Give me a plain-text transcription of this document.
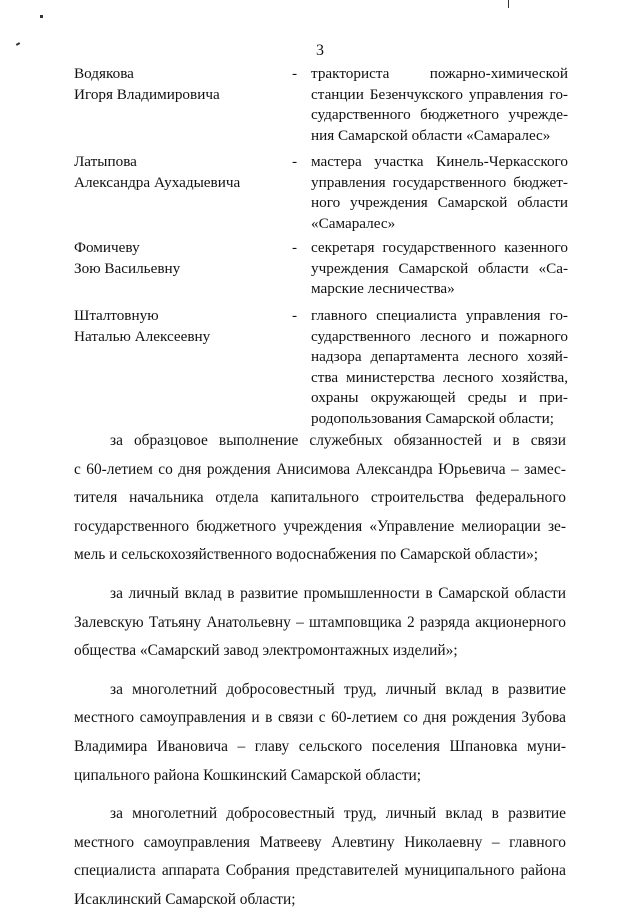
3
Водякова
Игоря Владимировича
- тракториста пожарно-химической
станции Безенчукского управления го-
сударственного бюджетного учрежде-
ния Самарской области «Самаралес»
Латыпова
Александра Аухадыевича
- мастера участка Кинель-Черкасского
управления государственного бюджет-
ного учреждения Самарской области
«Самаралес»
Фомичеву
Зою Васильевну
- секретаря государственного казенного
учреждения Самарской области «Са-
марские лесничества»
Штaлтовную
Наталью Алексеевну
- главного специалиста управления го-
сударственного лесного и пожарного
надзора департамента лесного хозяй-
ства министерства лесного хозяйства,
охраны окружающей среды и при-
родопользования Самарской области;

за образцовое выполнение служебных обязанностей и в связи
с 60-летием со дня рождения Анисимова Александра Юрьевича – замес-
тителя начальника отдела капитального строительства федерального
государственного бюджетного учреждения «Управление мелиорации зе-
мель и сельскохозяйственного водоснабжения по Самарской области»;

за личный вклад в развитие промышленности в Самарской области
Залевскую Татьяну Анатольевну – штамповщика 2 разряда акционерного
общества «Самарский завод электромонтажных изделий»;

за многолетний добросовестный труд, личный вклад в развитие
местного самоуправления и в связи с 60-летием со дня рождения Зубова
Владимира Ивановича – главу сельского поселения Шпановка муни-
ципального района Кошкинский Самарской области;

за многолетний добросовестный труд, личный вклад в развитие
местного самоуправления Матвееву Алевтину Николаевну – главного
специалиста аппарата Собрания представителей муниципального района
Исаклинский Самарской области;
